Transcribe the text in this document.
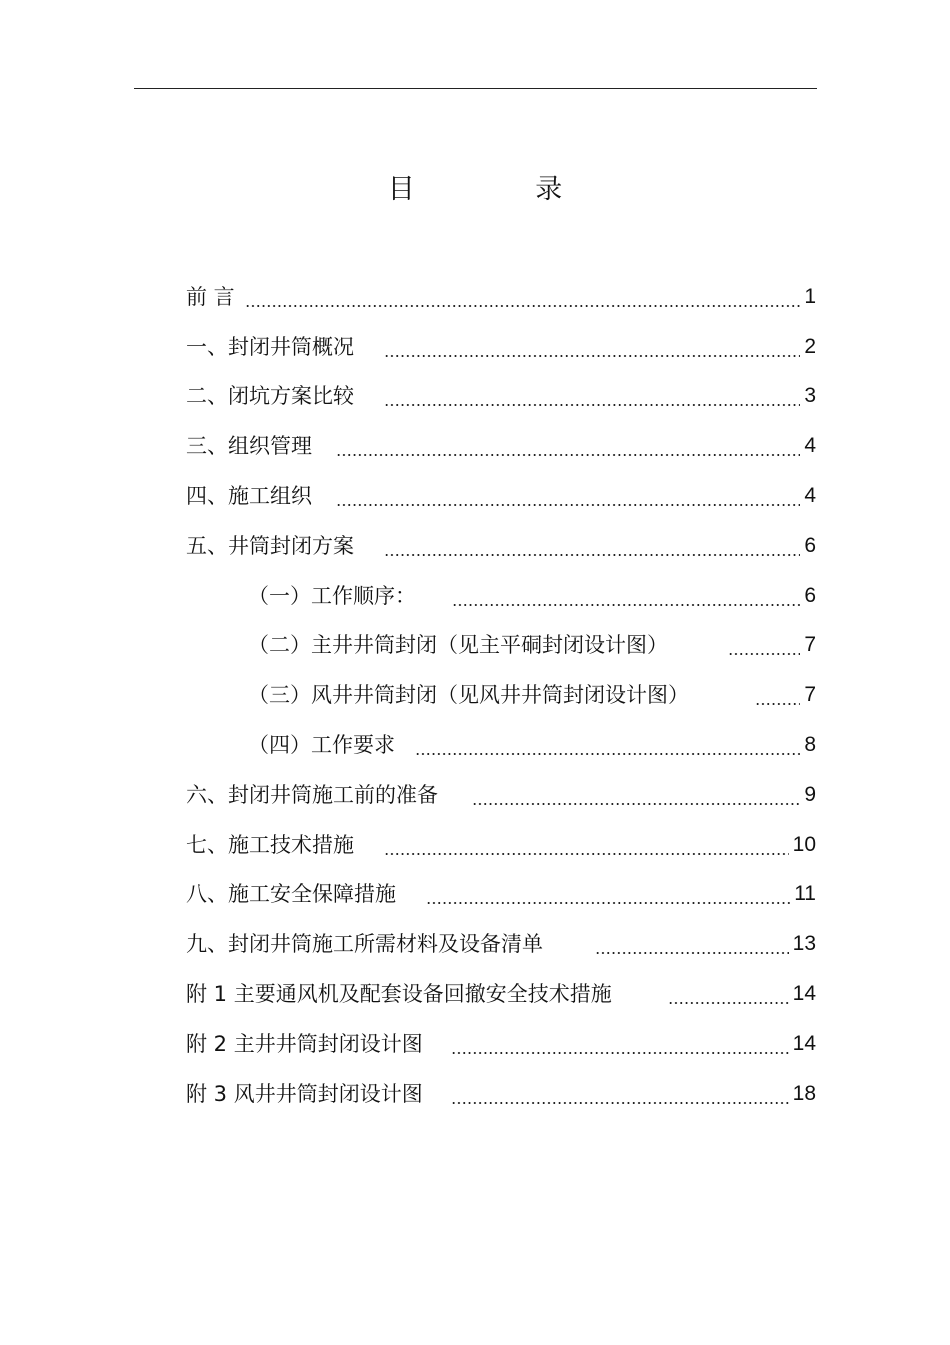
目 录
前 言	1
一、封闭井筒概况	2
二、闭坑方案比较	3
三、组织管理	4
四、施工组织	4
五、井筒封闭方案	6
（一）工作顺序：	6
（二）主井井筒封闭（见主平硐封闭设计图）	7
（三）风井井筒封闭（见风井井筒封闭设计图）	7
（四）工作要求	8
六、封闭井筒施工前的准备	9
七、施工技术措施	10
八、施工安全保障措施	11
九、封闭井筒施工所需材料及设备清单	13
附 1 主要通风机及配套设备回撤安全技术措施	14
附 2 主井井筒封闭设计图	14
附 3 风井井筒封闭设计图	18
